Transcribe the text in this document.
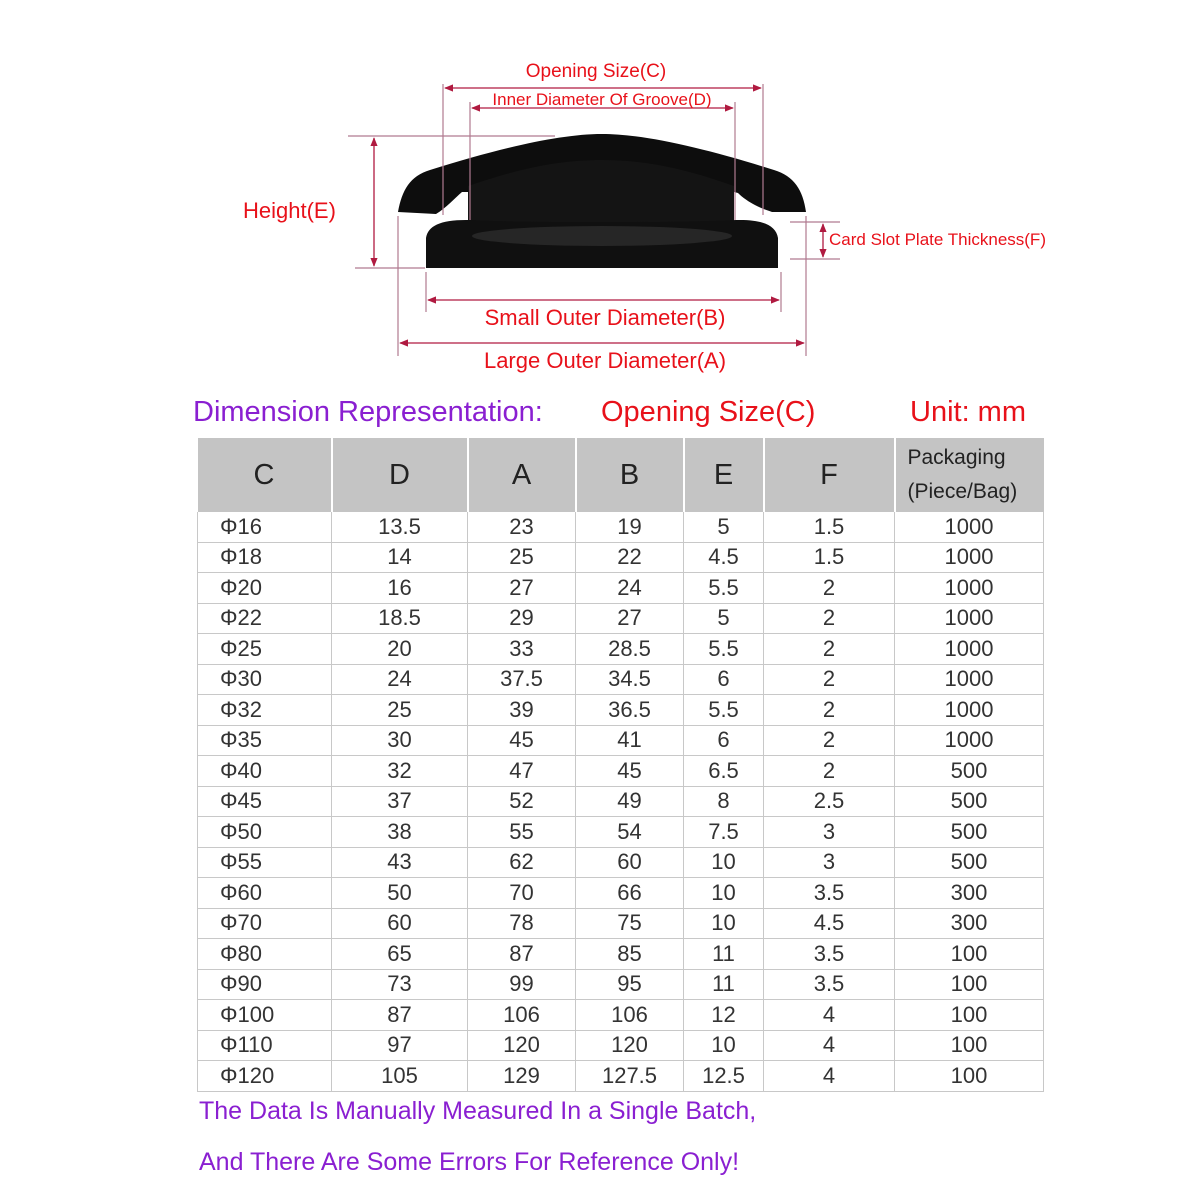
Opening Size(C)
Inner Diameter Of Groove(D)
Height(E)
Card Slot Plate Thickness(F)
Small Outer Diameter(B)
Large Outer Diameter(A)
Dimension Representation: Opening Size(C)	Unit: mm
C	D	A	B	E	F	Packaging (Piece/Bag)
Φ16	13.5	23	19	5	1.5	1000
Φ18	14	25	22	4.5	1.5	1000
Φ20	16	27	24	5.5	2	1000
Φ22	18.5	29	27	5	2	1000
Φ25	20	33	28.5	5.5	2	1000
Φ30	24	37.5	34.5	6	2	1000
Φ32	25	39	36.5	5.5	2	1000
Φ35	30	45	41	6	2	1000
Φ40	32	47	45	6.5	2	500
Φ45	37	52	49	8	2.5	500
Φ50	38	55	54	7.5	3	500
Φ55	43	62	60	10	3	500
Φ60	50	70	66	10	3.5	300
Φ70	60	78	75	10	4.5	300
Φ80	65	87	85	11	3.5	100
Φ90	73	99	95	11	3.5	100
Φ100	87	106	106	12	4	100
Φ110	97	120	120	10	4	100
Φ120	105	129	127.5	12.5	4	100
The Data Is Manually Measured In a Single Batch,
And There Are Some Errors For Reference Only!
